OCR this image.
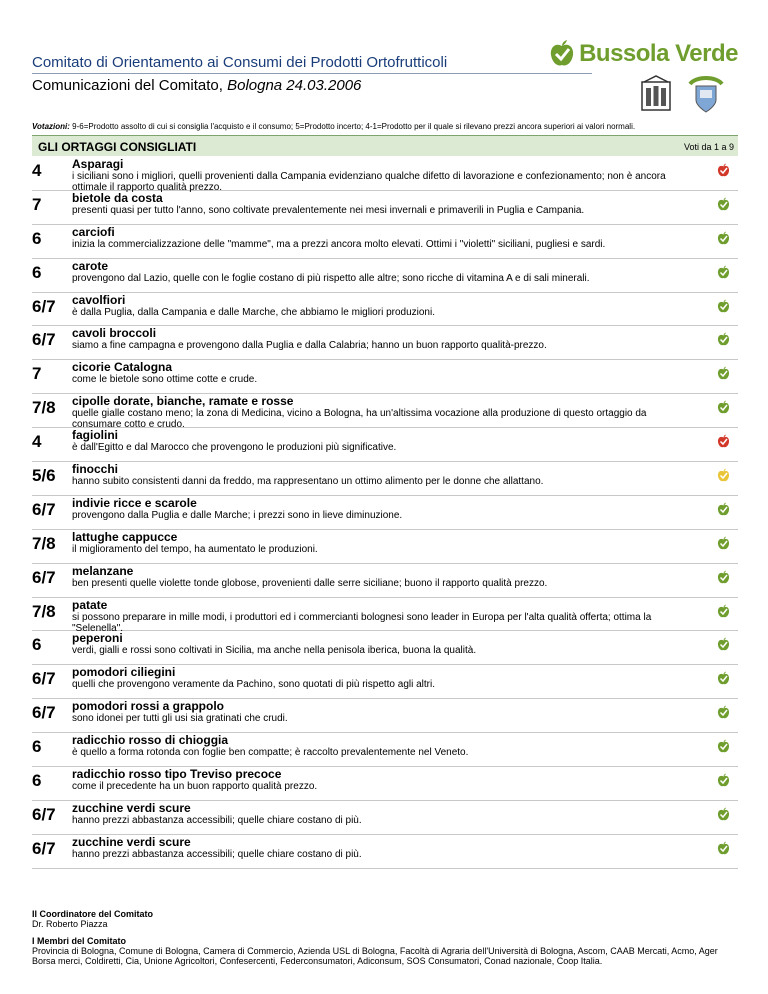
Comitato di Orientamento ai Consumi dei Prodotti Ortofrutticoli
Comunicazioni del Comitato, Bologna 24.03.2006
Bussola Verde
Votazioni: 9-6=Prodotto assolto di cui si consiglia l'acquisto e il consumo; 5=Prodotto incerto; 4-1=Prodotto per il quale si rilevano prezzi ancora superiori ai valori normali.
GLI ORTAGGI CONSIGLIATI	Voti da 1 a 9
4	Asparagi
i siciliani sono i migliori, quelli provenienti dalla Campania evidenziano qualche difetto di lavorazione e confezionamento; non è ancora ottimale il rapporto qualità prezzo.
7	bietole da costa
presenti quasi per tutto l'anno, sono coltivate prevalentemente nei mesi invernali e primaverili in Puglia e Campania.
6	carciofi
inizia la commercializzazione delle "mamme", ma a prezzi ancora molto elevati. Ottimi i "violetti" siciliani, pugliesi e sardi.
6	carote
provengono dal Lazio, quelle con le foglie costano di più rispetto alle altre; sono ricche di vitamina A e di sali minerali.
6/7	cavolfiori
è dalla Puglia, dalla Campania e dalle Marche, che abbiamo le migliori produzioni.
6/7	cavoli broccoli
siamo a fine campagna e provengono dalla Puglia e dalla Calabria; hanno un buon rapporto qualità-prezzo.
7	cicorie Catalogna
come le bietole sono ottime cotte e crude.
7/8	cipolle dorate, bianche, ramate e rosse
quelle gialle costano meno; la zona di Medicina, vicino a Bologna, ha un'altissima vocazione alla produzione di questo ortaggio da consumare cotto e crudo.
4	fagiolini
è dall'Egitto e dal Marocco che provengono le produzioni più significative.
5/6	finocchi
hanno subito consistenti danni da freddo, ma rappresentano un ottimo alimento per le donne che allattano.
6/7	indivie ricce e scarole
provengono dalla Puglia e dalle Marche; i prezzi sono in lieve diminuzione.
7/8	lattughe cappucce
il miglioramento del tempo, ha aumentato le produzioni.
6/7	melanzane
ben presenti quelle violette tonde globose, provenienti dalle serre siciliane; buono il rapporto qualità prezzo.
7/8	patate
si possono preparare in mille modi, i produttori ed i commercianti bolognesi sono leader in Europa per l'alta qualità offerta; ottima la "Selenella".
6	peperoni
verdi, gialli e rossi sono coltivati in Sicilia, ma anche nella penisola iberica, buona la qualità.
6/7	pomodori ciliegini
quelli che provengono veramente da Pachino, sono quotati di più rispetto agli altri.
6/7	pomodori rossi a grappolo
sono idonei per tutti gli usi sia gratinati che crudi.
6	radicchio rosso di chioggia
è quello a forma rotonda con foglie ben compatte; è raccolto prevalentemente nel Veneto.
6	radicchio rosso tipo Treviso precoce
come il precedente ha un buon rapporto qualità prezzo.
6/7	zucchine verdi scure
hanno prezzi abbastanza accessibili; quelle chiare costano di più.
6/7	zucchine verdi scure
hanno prezzi abbastanza accessibili; quelle chiare costano di più.
Il Coordinatore del Comitato
Dr. Roberto Piazza
I Membri del Comitato
Provincia di Bologna, Comune di Bologna, Camera di Commercio, Azienda USL di Bologna, Facoltà di Agraria dell'Università di Bologna, Ascom, CAAB Mercati, Acmo, Ager Borsa merci, Coldiretti, Cia, Unione Agricoltori, Confesercenti, Federconsumatori, Adiconsum, SOS Consumatori, Conad nazionale, Coop Italia.
